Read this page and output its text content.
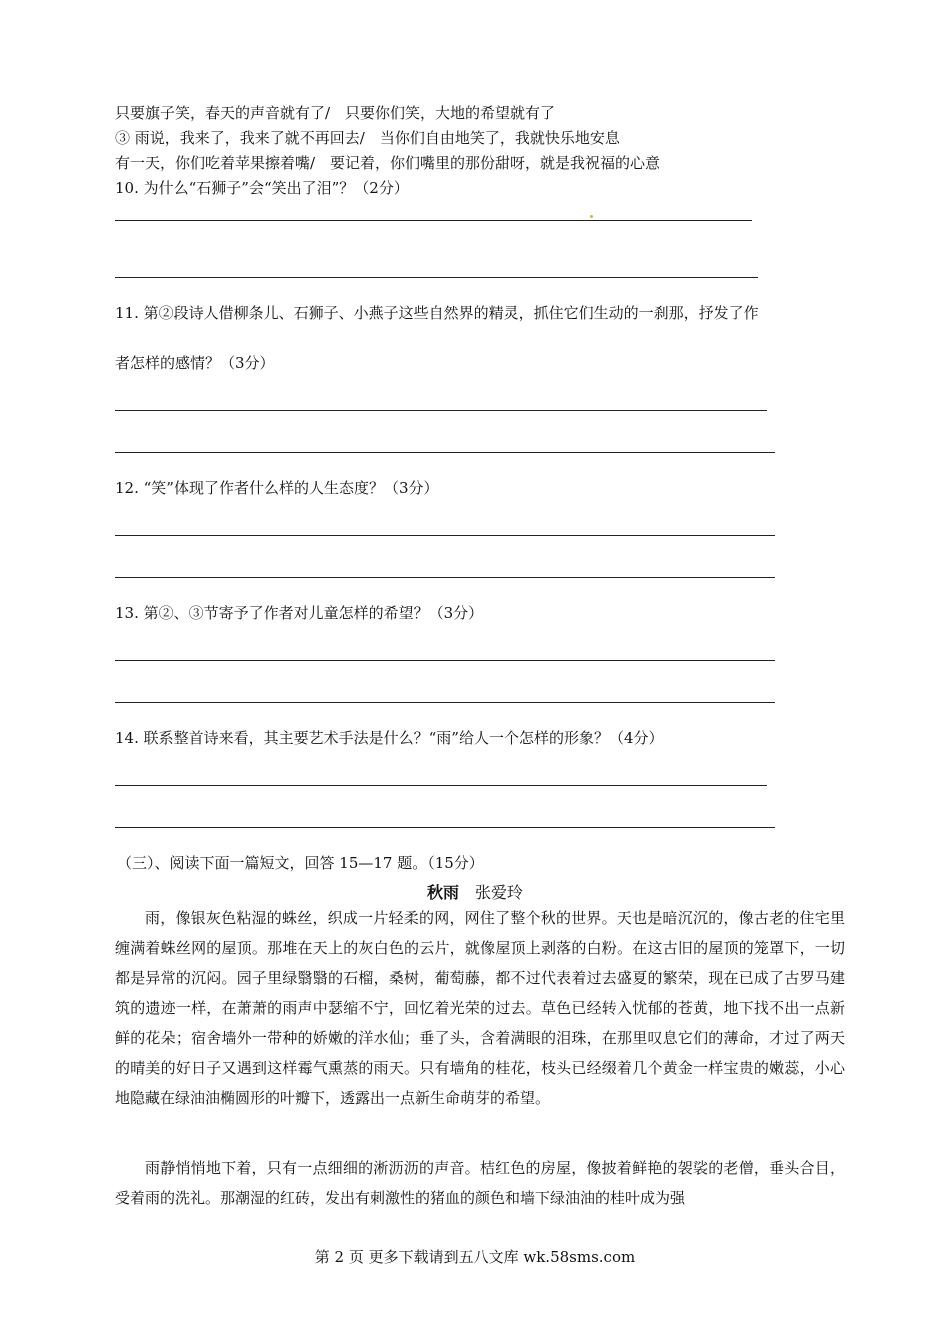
只要旗子笑，春天的声音就有了/　只要你们笑，大地的希望就有了
③ 雨说，我来了，我来了就不再回去/　当你们自由地笑了，我就快乐地安息
有一天，你们吃着苹果擦着嘴/　要记着，你们嘴里的那份甜呀，就是我祝福的心意
10. 为什么“石狮子”会“笑出了泪”？（2分）
11. 第②段诗人借柳条儿、石狮子、小燕子这些自然界的精灵，抓住它们生动的一刹那，抒发了作
者怎样的感情？（3分）
12. “笑”体现了作者什么样的人生态度？（3分）
13. 第②、③节寄予了作者对儿童怎样的希望？（3分）
14. 联系整首诗来看，其主要艺术手法是什么？“雨”给人一个怎样的形象？（4分）
（三）、阅读下面一篇短文，回答 15—17 题。（15分）
秋雨　 张爱玲
雨，像银灰色粘湿的蛛丝，织成一片轻柔的网，网住了整个秋的世界。天也是暗沉沉的，像古老的住宅里缠满着蛛丝网的屋顶。那堆在天上的灰白色的云片，就像屋顶上剥落的白粉。在这古旧的屋顶的笼罩下，一切都是异常的沉闷。园子里绿翳翳的石榴，桑树，葡萄藤，都不过代表着过去盛夏的繁荣，现在已成了古罗马建筑的遗迹一样，在萧萧的雨声中瑟缩不宁，回忆着光荣的过去。草色已经转入忧郁的苍黄，地下找不出一点新鲜的花朵；宿舍墙外一带种的娇嫩的洋水仙；垂了头，含着满眼的泪珠，在那里叹息它们的薄命，才过了两天的晴美的好日子又遇到这样霉气熏蒸的雨天。只有墙角的桂花，枝头已经缀着几个黄金一样宝贵的嫩蕊，小心地隐藏在绿油油椭圆形的叶瓣下，透露出一点新生命萌芽的希望。
雨静悄悄地下着，只有一点细细的淅沥沥的声音。桔红色的房屋，像披着鲜艳的袈裟的老僧，垂头合目，受着雨的洗礼。那潮湿的红砖，发出有刺激性的猪血的颜色和墙下绿油油的桂叶成为强
第 2 页 更多下载请到五八文库 wk.58sms.com
